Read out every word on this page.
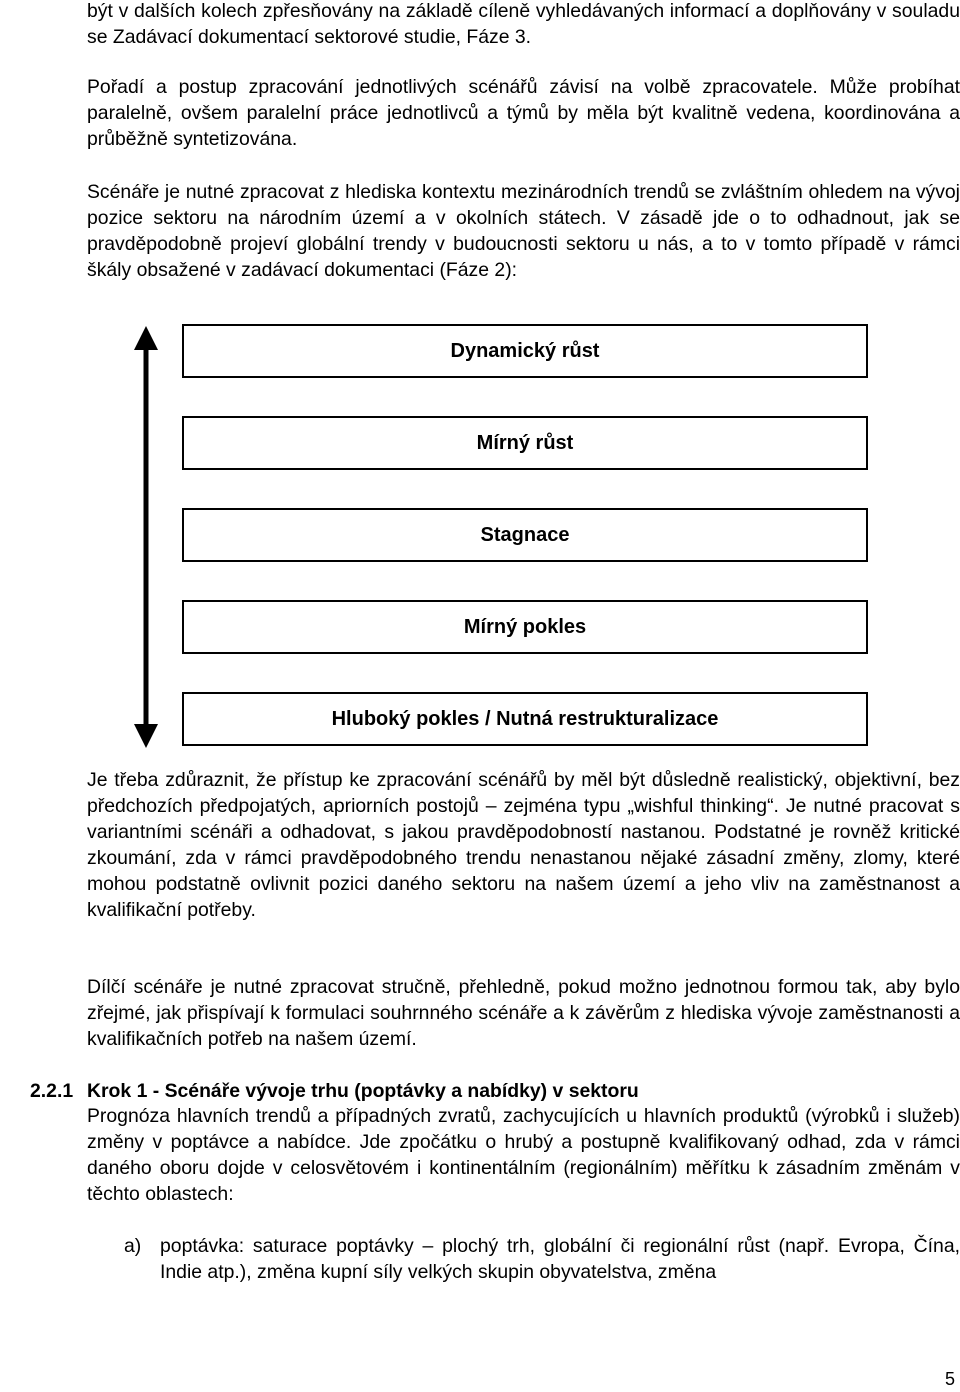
být v dalších kolech zpřesňovány na základě cíleně vyhledávaných informací a doplňovány v souladu se Zadávací dokumentací sektorové studie, Fáze 3.

Pořadí a postup zpracování jednotlivých scénářů závisí na volbě zpracovatele. Může probíhat paralelně, ovšem paralelní práce jednotlivců a týmů by měla být kvalitně vedena, koordinována a průběžně syntetizována.

Scénáře je nutné zpracovat z hlediska kontextu mezinárodních trendů se zvláštním ohledem na vývoj pozice sektoru na národním území a v okolních státech. V zásadě jde o to odhadnout, jak se pravděpodobně projeví globální trendy v budoucnosti sektoru u nás, a to v tomto případě v rámci škály obsažené v zadávací dokumentaci (Fáze 2):

Dynamický růst
Mírný růst
Stagnace
Mírný pokles
Hluboký pokles / Nutná restrukturalizace

Je třeba zdůraznit, že přístup ke zpracování scénářů by měl být důsledně realistický, objektivní, bez předchozích předpojatých, apriorních postojů – zejména typu „wishful thinking“. Je nutné pracovat s variantními scénáři a odhadovat, s jakou pravděpodobností nastanou. Podstatné je rovněž kritické zkoumání, zda v rámci pravděpodobného trendu nenastanou nějaké zásadní změny, zlomy, které mohou podstatně ovlivnit pozici daného sektoru na našem území a jeho vliv na zaměstnanost a kvalifikační potřeby.

Dílčí scénáře je nutné zpracovat stručně, přehledně, pokud možno jednotnou formou tak, aby bylo zřejmé, jak přispívají k formulaci souhrnného scénáře a k závěrům z hlediska vývoje zaměstnanosti a kvalifikačních potřeb na našem území.

2.2.1 Krok 1 - Scénáře vývoje trhu (poptávky a nabídky) v sektoru

Prognóza hlavních trendů a případných zvratů, zachycujících u hlavních produktů (výrobků i služeb) změny v poptávce a nabídce. Jde zpočátku o hrubý a postupně kvalifikovaný odhad, zda v rámci daného oboru dojde v celosvětovém i kontinentálním (regionálním) měřítku k zásadním změnám v těchto oblastech:

a) poptávka: saturace poptávky – plochý trh, globální či regionální růst (např. Evropa, Čína, Indie atp.), změna kupní síly velkých skupin obyvatelstva, změna

5
